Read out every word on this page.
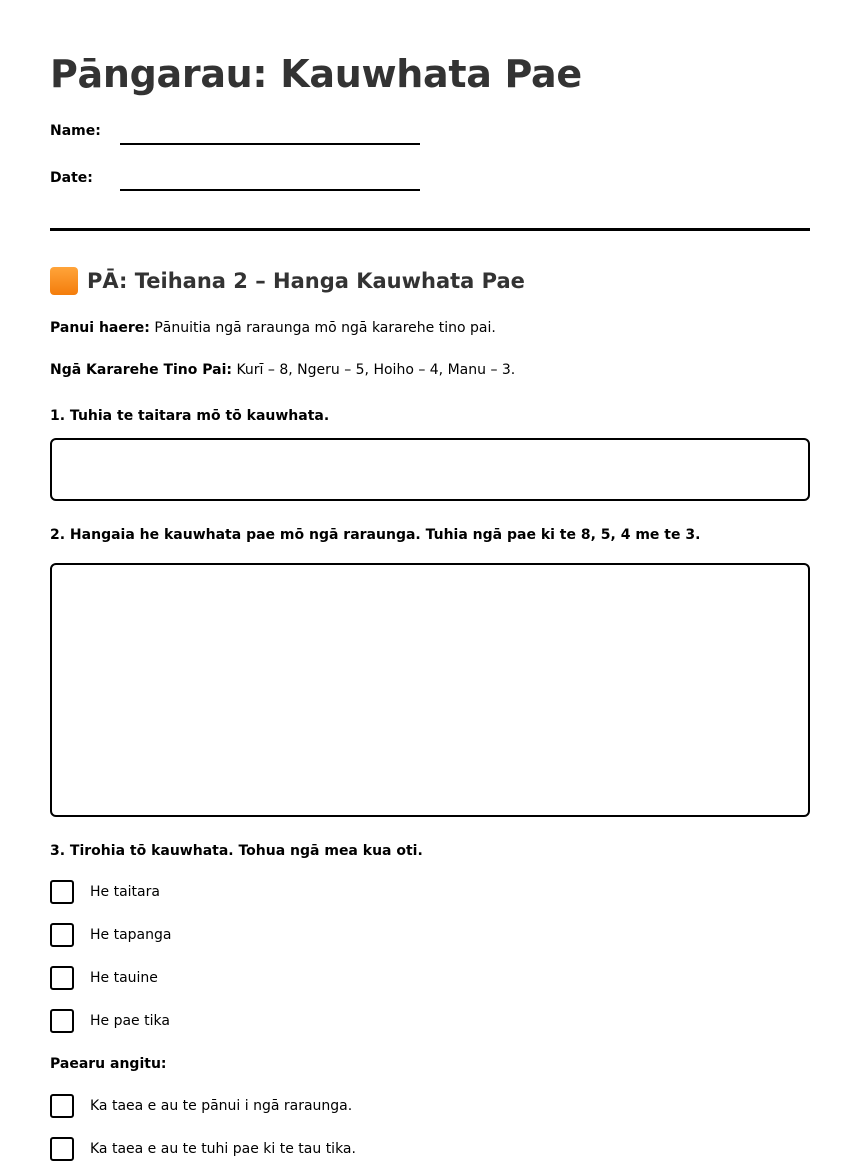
Pāngarau: Kauwhata Pae
Name:
Date:
PĀ: Teihana 2 – Hanga Kauwhata Pae
Panui haere: Pānuitia ngā raraunga mō ngā kararehe tino pai.
Ngā Kararehe Tino Pai: Kurī – 8, Ngeru – 5, Hoiho – 4, Manu – 3.
1. Tuhia te taitara mō tō kauwhata.
2. Hangaia he kauwhata pae mō ngā raraunga. Tuhia ngā pae ki te 8, 5, 4 me te 3.
3. Tirohia tō kauwhata. Tohua ngā mea kua oti.
He taitara
He tapanga
He tauine
He pae tika
Paearu angitu:
Ka taea e au te pānui i ngā raraunga.
Ka taea e au te tuhi pae ki te tau tika.
